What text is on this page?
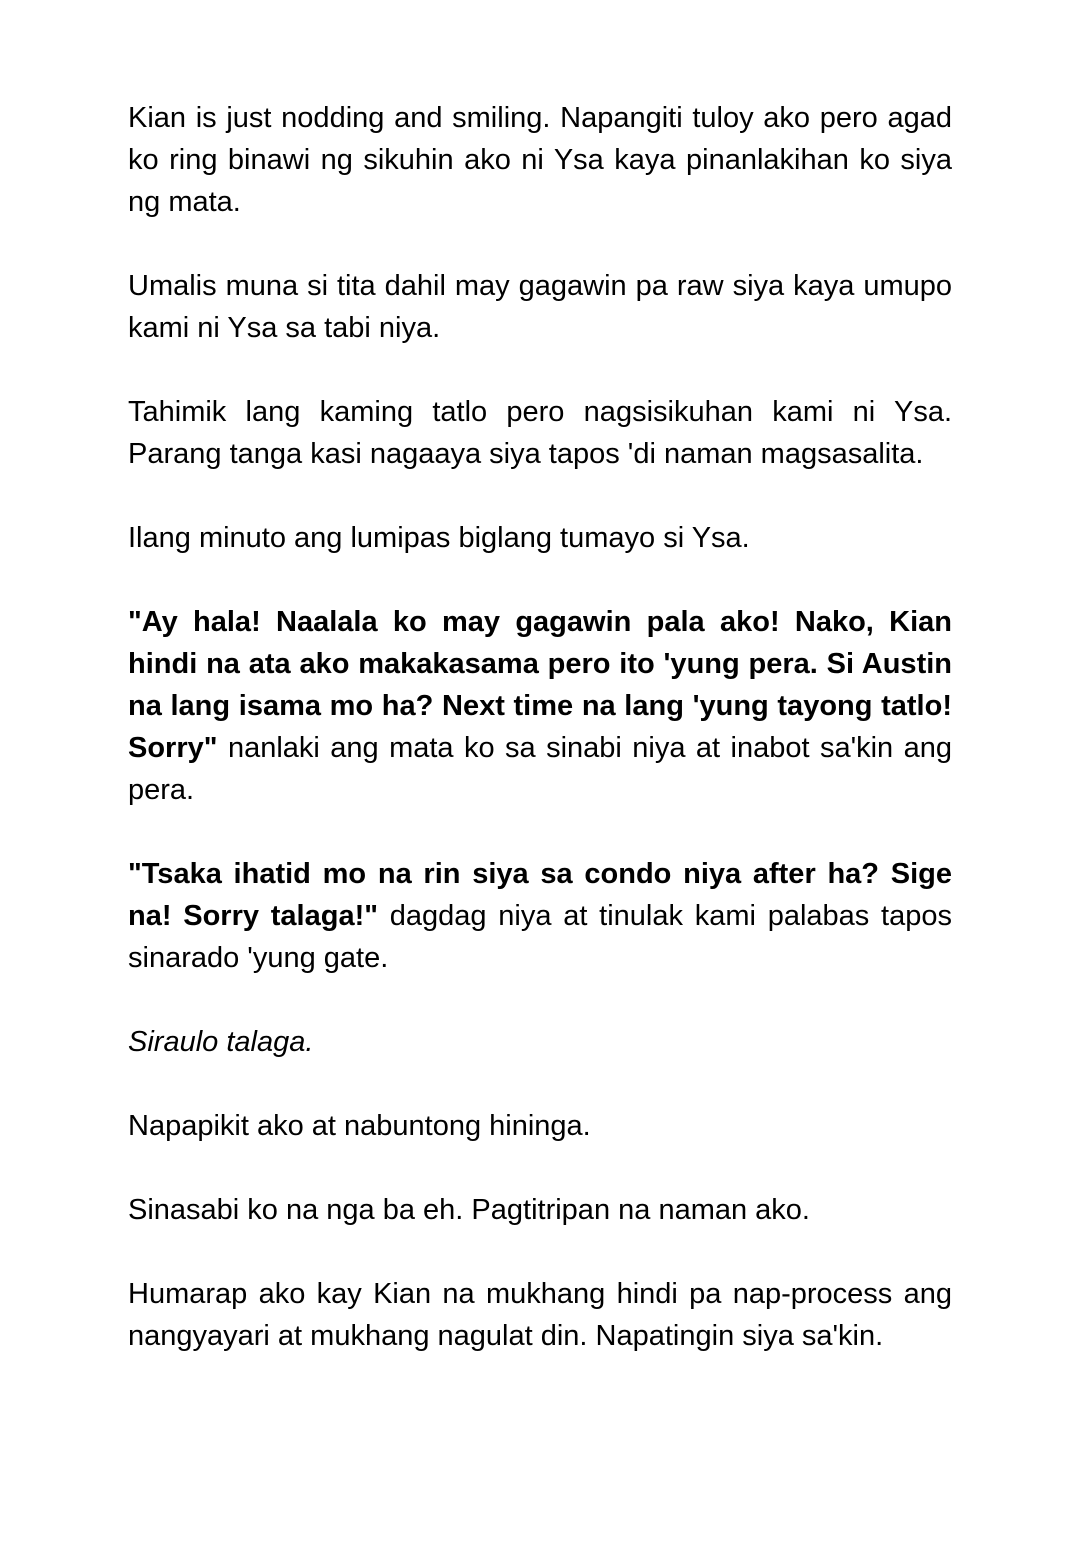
Kian is just nodding and smiling. Napangiti tuloy ako pero agad ko ring binawi ng sikuhin ako ni Ysa kaya pinanlakihan ko siya ng mata.

Umalis muna si tita dahil may gagawin pa raw siya kaya umupo kami ni Ysa sa tabi niya.

Tahimik lang kaming tatlo pero nagsisikuhan kami ni Ysa. Parang tanga kasi nagaaya siya tapos 'di naman magsasalita.

Ilang minuto ang lumipas biglang tumayo si Ysa.

"Ay hala! Naalala ko may gagawin pala ako! Nako, Kian hindi na ata ako makakasama pero ito 'yung pera. Si Austin na lang isama mo ha? Next time na lang 'yung tayong tatlo! Sorry" nanlaki ang mata ko sa sinabi niya at inabot sa'kin ang pera.

"Tsaka ihatid mo na rin siya sa condo niya after ha? Sige na! Sorry talaga!" dagdag niya at tinulak kami palabas tapos sinarado 'yung gate.

Siraulo talaga.

Napapikit ako at nabuntong hininga.

Sinasabi ko na nga ba eh. Pagtitripan na naman ako.

Humarap ako kay Kian na mukhang hindi pa nap-process ang nangyayari at mukhang nagulat din. Napatingin siya sa'kin.
